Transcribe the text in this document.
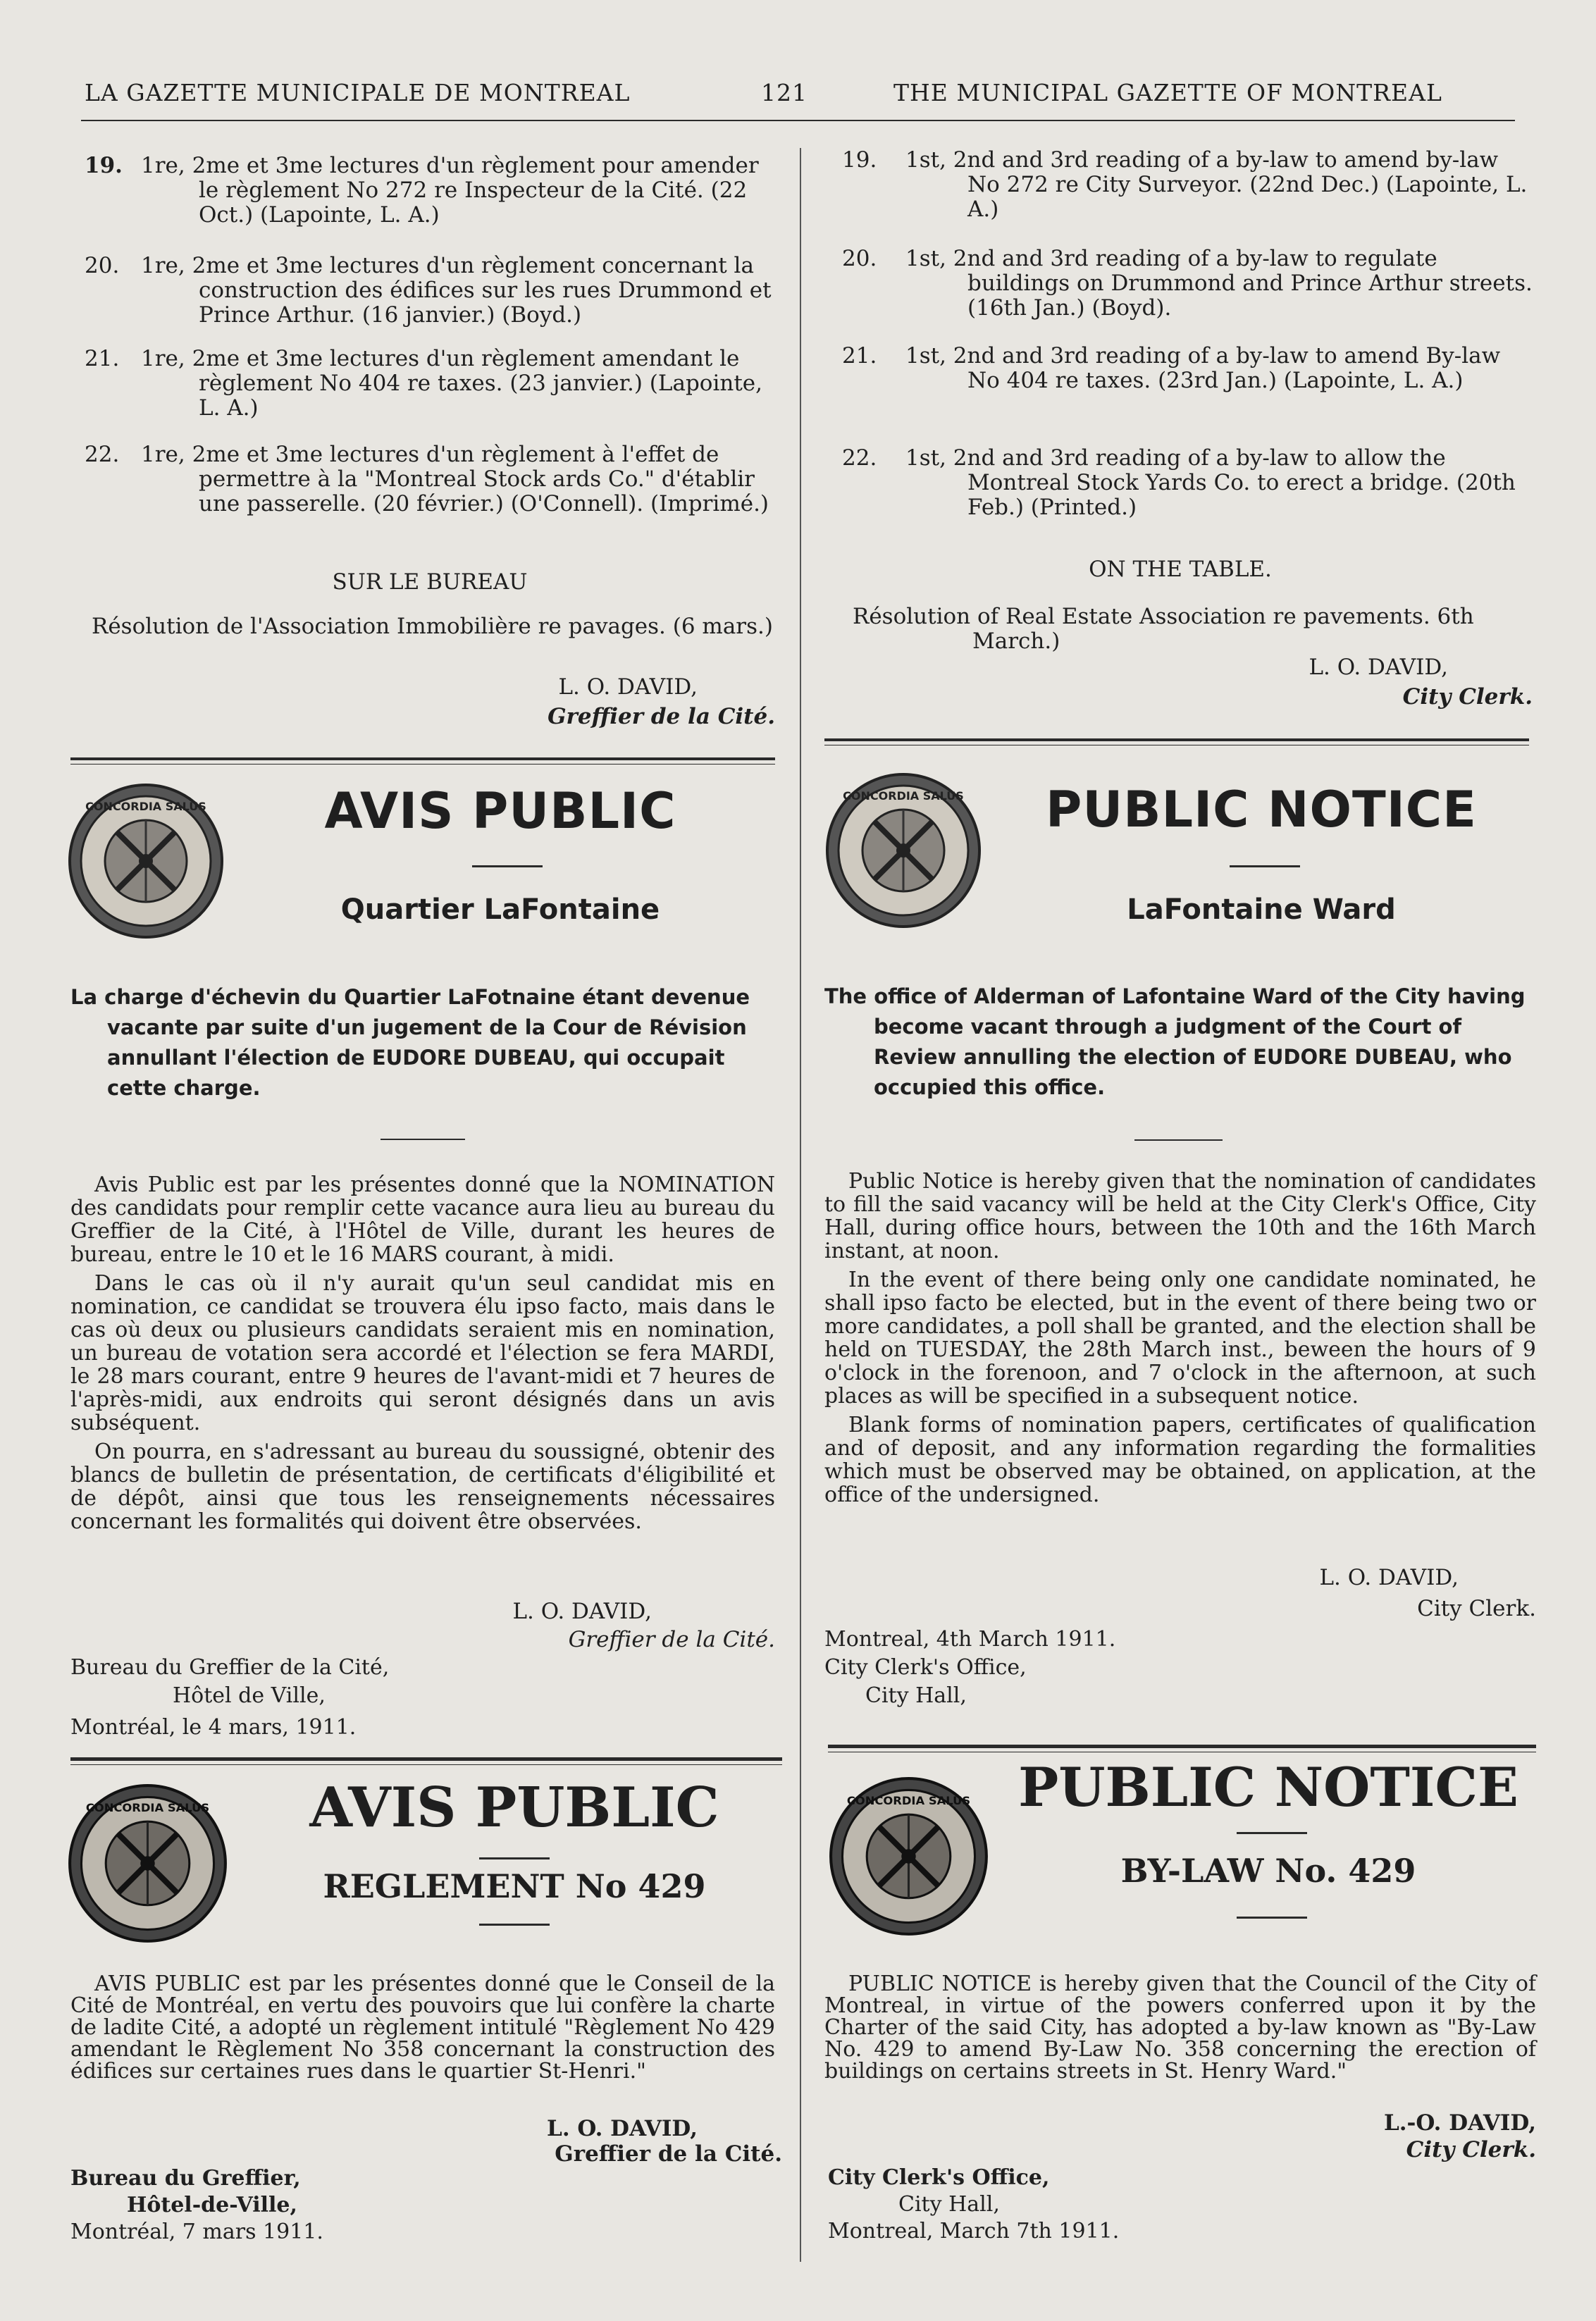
LA GAZETTE MUNICIPALE DE MONTREAL	121	THE MUNICIPAL GAZETTE OF MONTREAL
19. 1re, 2me et 3me lectures d'un règlement pour amender le règlement No 272 re Inspecteur de la Cité. (22 Oct.) (Lapointe, L. A.)
20. 1re, 2me et 3me lectures d'un règlement concernant la construction des édifices sur les rues Drummond et Prince Arthur. (16 janvier.) (Boyd.)
21. 1re, 2me et 3me lectures d'un règlement amendant le règlement No 404 re taxes. (23 janvier.) (Lapointe, L. A.)
22. 1re, 2me et 3me lectures d'un règlement à l'effet de permettre à la "Montreal Stock ards Co." d'établir une passerelle. (20 février.) (O'Connell). (Imprimé.)
SUR LE BUREAU
Résolution de l'Association Immobilière re pavages. (6 mars.)
L. O. DAVID,
Greffier de la Cité.
19. 1st, 2nd and 3rd reading of a by-law to amend by-law No 272 re City Surveyor. (22nd Dec.) (Lapointe, L. A.)
20. 1st, 2nd and 3rd reading of a by-law to regulate buildings on Drummond and Prince Arthur streets. (16th Jan.) (Boyd).
21. 1st, 2nd and 3rd reading of a by-law to amend By-law No 404 re taxes. (23rd Jan.) (Lapointe, L. A.)
22. 1st, 2nd and 3rd reading of a by-law to allow the Montreal Stock Yards Co. to erect a bridge. (20th Feb.) (Printed.)
ON THE TABLE.
Résolution of Real Estate Association re pavements. 6th March.)
L. O. DAVID,
City Clerk.
CONCORDIA SALUS	AVIS PUBLIC
Quartier LaFontaine
La charge d'échevin du Quartier LaFotnaine étant devenue vacante par suite d'un jugement de la Cour de Révision annullant l'élection de EUDORE DUBEAU, qui occupait cette charge.

Avis Public est par les présentes donné que la NOMINATION des candidats pour remplir cette vacance aura lieu au bureau du Greffier de la Cité, à l'Hôtel de Ville, durant les heures de bureau, entre le 10 et le 16 MARS courant, à midi.

Dans le cas où il n'y aurait qu'un seul candidat mis en nomination, ce candidat se trouvera élu ipso facto, mais dans le cas où deux ou plusieurs candidats seraient mis en nomination, un bureau de votation sera accordé et l'élection se fera MARDI, le 28 mars courant, entre 9 heures de l'avant-midi et 7 heures de l'après-midi, aux endroits qui seront désignés dans un avis subséquent.

On pourra, en s'adressant au bureau du soussigné, obtenir des blancs de bulletin de présentation, de certificats d'éligibilité et de dépôt, ainsi que tous les renseignements nécessaires concernant les formalités qui doivent être observées.

L. O. DAVID,
Greffier de la Cité.
Bureau du Greffier de la Cité,
Hôtel de Ville,
Montréal, le 4 mars, 1911.
CONCORDIA SALUS	PUBLIC NOTICE
LaFontaine Ward
The office of Alderman of Lafontaine Ward of the City having become vacant through a judgment of the Court of Review annulling the election of EUDORE DUBEAU, who occupied this office.

Public Notice is hereby given that the nomination of candidates to fill the said vacancy will be held at the City Clerk's Office, City Hall, during office hours, between the 10th and the 16th March instant, at noon.

In the event of there being only one candidate nominated, he shall ipso facto be elected, but in the event of there being two or more candidates, a poll shall be granted, and the election shall be held on TUESDAY, the 28th March inst., beween the hours of 9 o'clock in the forenoon, and 7 o'clock in the afternoon, at such places as will be specified in a subsequent notice.

Blank forms of nomination papers, certificates of qualification and of deposit, and any information regarding the formalities which must be observed may be obtained, on application, at the office of the undersigned.

L. O. DAVID,
City Clerk.
Montreal, 4th March 1911.
City Clerk's Office,
City Hall,
CONCORDIA SALUS	AVIS PUBLIC
REGLEMENT No 429

AVIS PUBLIC est par les présentes donné que le Conseil de la Cité de Montréal, en vertu des pouvoirs que lui confère la charte de ladite Cité, a adopté un règlement intitulé "Règlement No 429 amendant le Règlement No 358 concernant la construction des édifices sur certaines rues dans le quartier St-Henri."

L. O. DAVID,
Greffier de la Cité.
Bureau du Greffier,
Hôtel-de-Ville,
Montréal, 7 mars 1911.
CONCORDIA SALUS PUBLIC NOTICE
BY-LAW No. 429

PUBLIC NOTICE is hereby given that the Council of the City of Montreal, in virtue of the powers conferred upon it by the Charter of the said City, has adopted a by-law known as "By-Law No. 429 to amend By-Law No. 358 concerning the erection of buildings on certains streets in St. Henry Ward."

L.-O. DAVID,
City Clerk.
City Clerk's Office,
City Hall,
Montreal, March 7th 1911.
